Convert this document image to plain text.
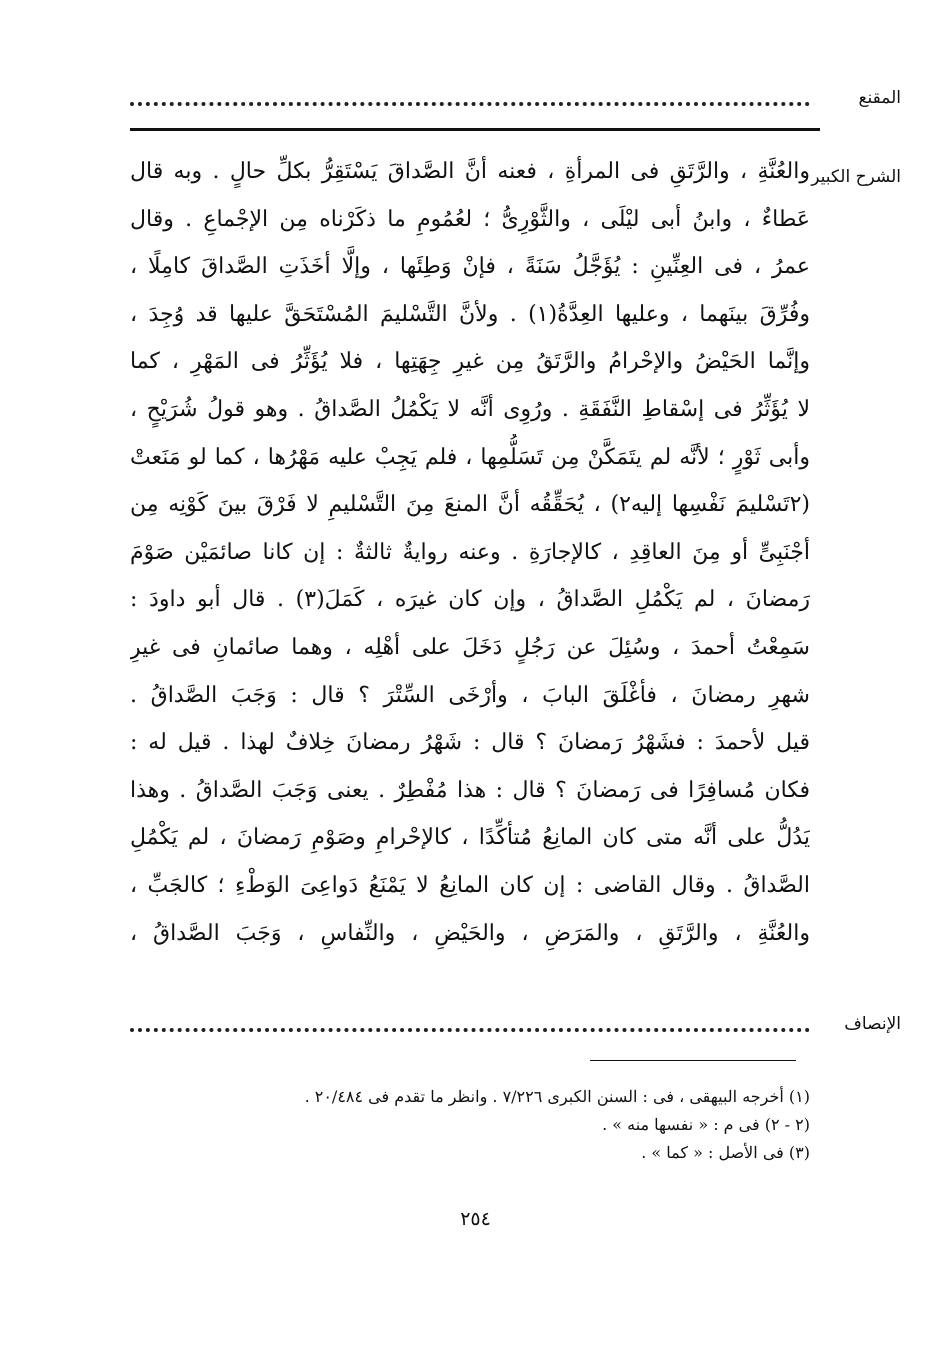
المقنع
الشرح الكبير
والعُنَّةِ ، والرَّتَقِ فى المرأةِ ، فعنه أنَّ الصَّداقَ يَسْتَقِرُّ بكلِّ حالٍ . وبه قال
عَطاءٌ ، وابنُ أبى ليْلَى ، والثَّوْرِىُّ ؛ لعُمُومِ ما ذكَرْناه مِن الإجْماعِ . وقال
عمرُ ، فى العِنِّينِ : يُؤَجَّلُ سَنَةً ، فإنْ وَطِئَها ، وإلَّا أخَذَتِ الصَّداقَ كامِلًا ،
وفُرِّقَ بينَهما ، وعليها العِدَّةُ(١) . ولأنَّ التَّسْليمَ المُسْتَحَقَّ عليها قد وُجِدَ ،
وإنَّما الحَيْضُ والإحْرامُ والرَّتَقُ مِن غيرِ جِهَتِها ، فلا يُؤَثِّرُ فى المَهْرِ ، كما
لا يُؤَثِّرُ فى إسْقاطِ النَّفَقَةِ . ورُوِى أنَّه لا يَكْمُلُ الصَّداقُ . وهو قولُ شُرَيْحٍ ،
وأبى ثَوْرٍ ؛ لأنَّه لم يتَمَكَّنْ مِن تَسَلُّمِها ، فلم يَجِبْ عليه مَهْرُها ، كما لو مَنَعتْ
(٢تَسْليمَ نَفْسِها إليه٢) ، يُحَقِّقُه أنَّ المنعَ مِنَ التَّسْليمِ لا فَرْقَ بينَ كَوْنِه مِن
أجْنَبِىٍّ أو مِنَ العاقِدِ ، كالإجارَةِ . وعنه روايةٌ ثالثةٌ : إن كانا صائمَيْن صَوْمَ
رَمضانَ ، لم يَكْمُلِ الصَّداقُ ، وإن كان غيرَه ، كَمَلَ(٣) . قال أبو داودَ :
سَمِعْتُ أحمدَ ، وسُئِلَ عن رَجُلٍ دَخَلَ على أهْلِه ، وهما صائمانِ فى غيرِ
شهرِ رمضانَ ، فأغْلَقَ البابَ ، وأرْخَى السِّتْرَ ؟ قال : وَجَبَ الصَّداقُ .
قيل لأحمدَ : فشَهْرُ رَمضانَ ؟ قال : شَهْرُ رمضانَ خِلافٌ لهذا . قيل له :
فكان مُسافِرًا فى رَمضانَ ؟ قال : هذا مُفْطِرٌ . يعنى وَجَبَ الصَّداقُ . وهذا
يَدُلُّ على أنَّه متى كان المانِعُ مُتأكِّدًا ، كالإحْرامِ وصَوْمِ رَمضانَ ، لم يَكْمُلِ
الصَّداقُ . وقال القاضى : إن كان المانِعُ لا يَمْنَعُ دَواعِىَ الوَطْءِ ؛ كالجَبِّ ،
والعُنَّةِ ، والرَّتَقِ ، والمَرَضِ ، والحَيْضِ ، والنِّفاسِ ، وَجَبَ الصَّداقُ ،
الإنصاف
(١) أخرجه البيهقى ، فى : السنن الكبرى ٧/٢٢٦ . وانظر ما تقدم فى ٢٠/٤٨٤ .
(٢ - ٢) فى م : « نفسها منه » .
(٣) فى الأصل : « كما » .
٢٥٤
